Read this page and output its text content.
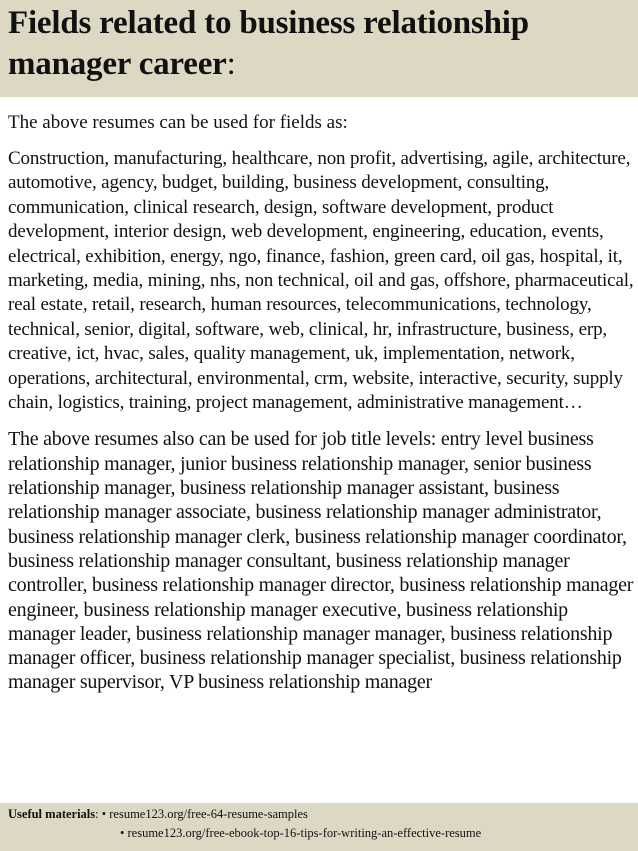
Fields related to business relationship manager career:

The above resumes can be used for fields as:

Construction, manufacturing, healthcare, non profit, advertising, agile, architecture, automotive, agency, budget, building, business development, consulting, communication, clinical research, design, software development, product development, interior design, web development, engineering, education, events, electrical, exhibition, energy, ngo, finance, fashion, green card, oil gas, hospital, it, marketing, media, mining, nhs, non technical, oil and gas, offshore, pharmaceutical, real estate, retail, research, human resources, telecommunications, technology, technical, senior, digital, software, web, clinical, hr, infrastructure, business, erp, creative, ict, hvac, sales, quality management, uk, implementation, network, operations, architectural, environmental, crm, website, interactive, security, supply chain, logistics, training, project management, administrative management…

The above resumes also can be used for job title levels: entry level business relationship manager, junior business relationship manager, senior business relationship manager, business relationship manager assistant, business relationship manager associate, business relationship manager administrator, business relationship manager clerk, business relationship manager coordinator, business relationship manager consultant, business relationship manager controller, business relationship manager director, business relationship manager engineer, business relationship manager executive, business relationship manager leader, business relationship manager manager, business relationship manager officer, business relationship manager specialist, business relationship manager supervisor, VP business relationship manager

Useful materials: • resume123.org/free-64-resume-samples
• resume123.org/free-ebook-top-16-tips-for-writing-an-effective-resume
